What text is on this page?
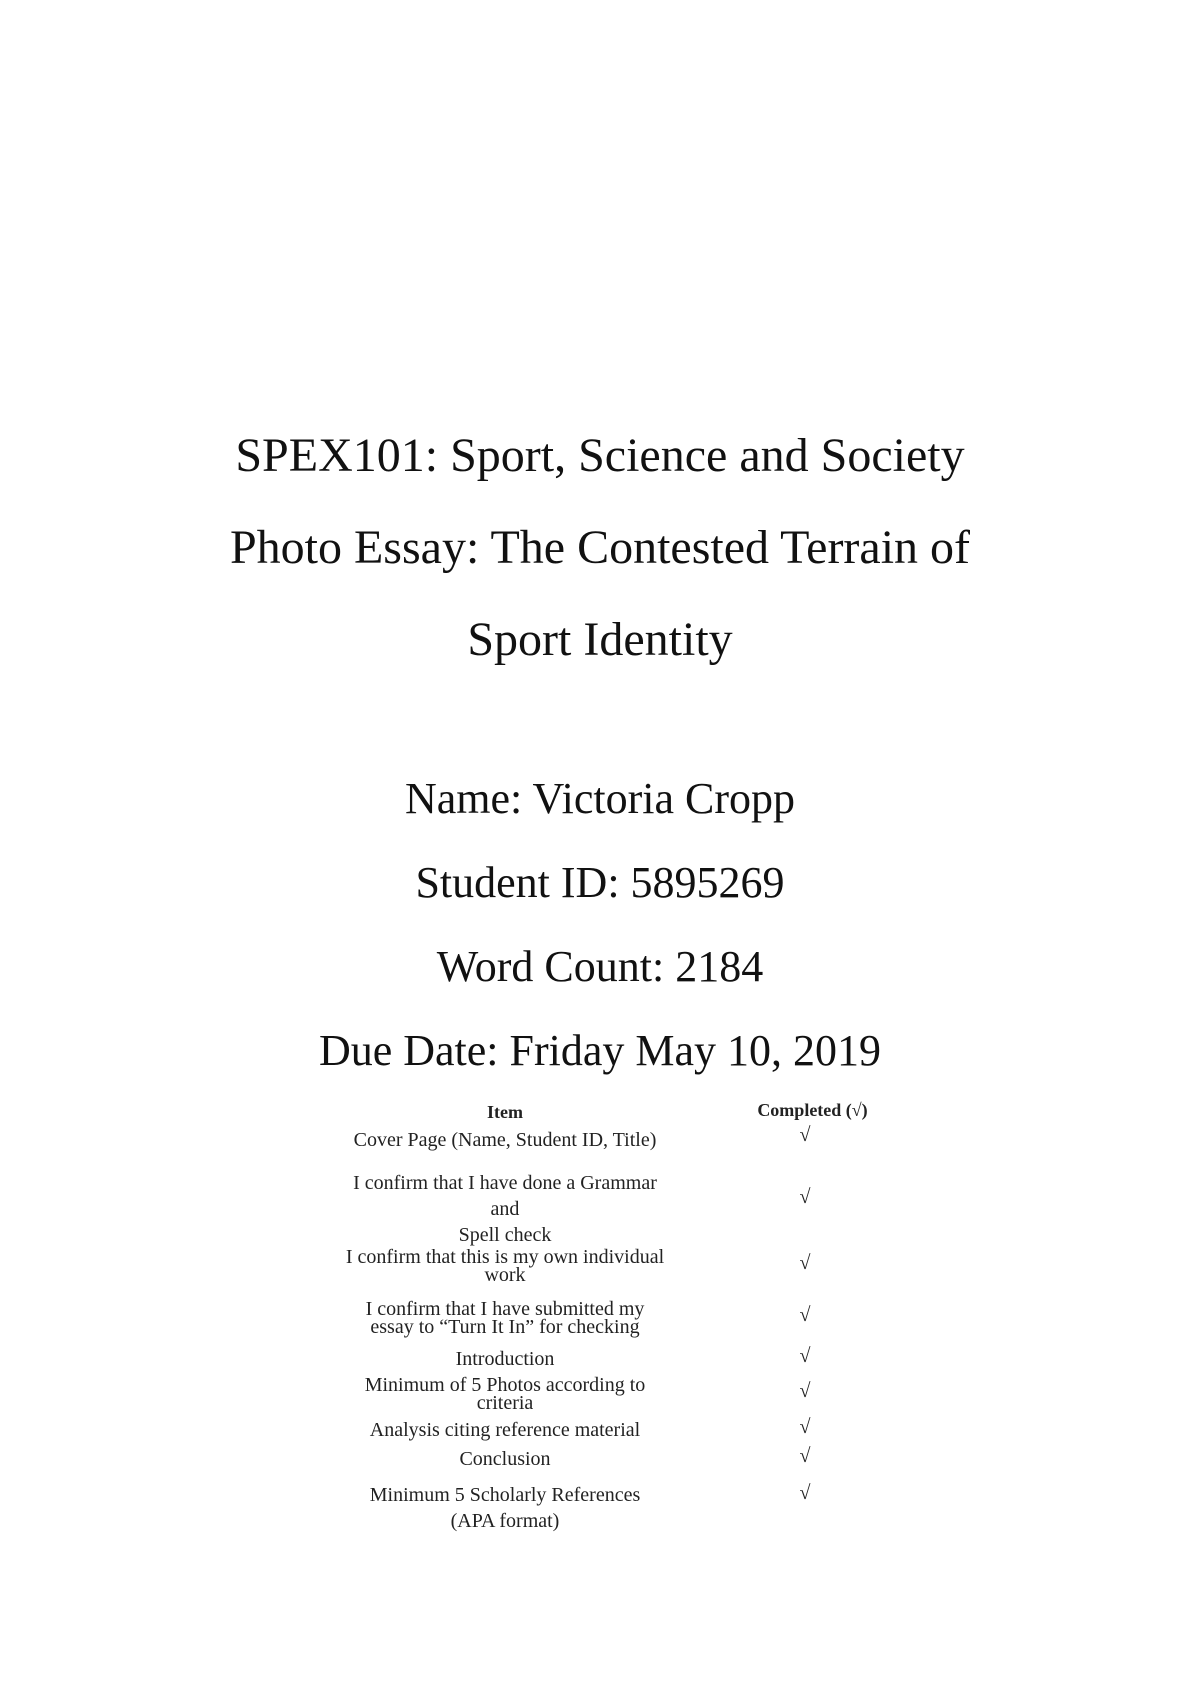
SPEX101: Sport, Science and Society
Photo Essay: The Contested Terrain of
Sport Identity
Name: Victoria Cropp
Student ID: 5895269
Word Count: 2184
Due Date: Friday May 10, 2019
Item	Completed (√)
Cover Page (Name, Student ID, Title)	√
I confirm that I have done a Grammar
and
Spell check
√
I confirm that this is my own individual
work
√
I confirm that I have submitted my
essay to “Turn It In” for checking
√
Introduction	√
Minimum of 5 Photos according to
criteria
√
Analysis citing reference material	√
Conclusion	√
Minimum 5 Scholarly References
(APA format)
√
